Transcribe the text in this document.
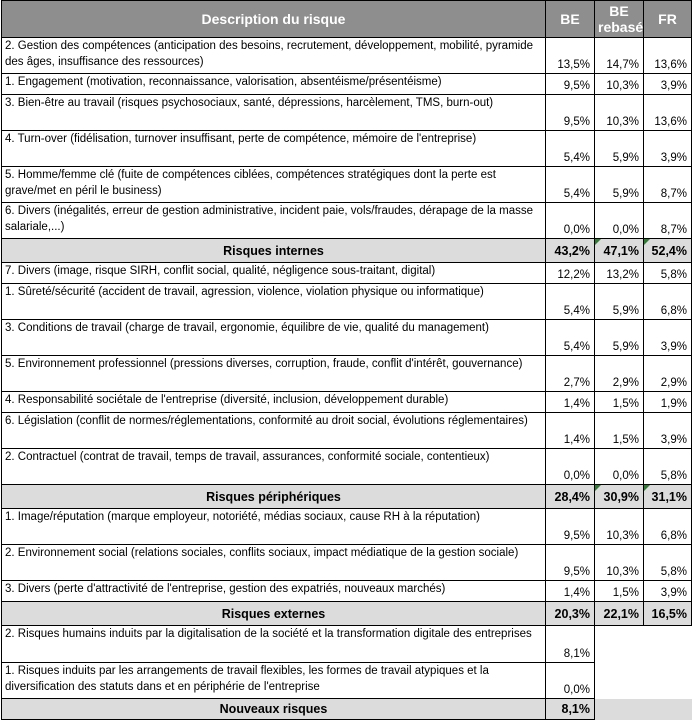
Description du risque	BE	BE rebasé	FR
2. Gestion des compétences (anticipation des besoins, recrutement, développement, mobilité, pyramide des âges, insuffisance des ressources)	13,5%	14,7%	13,6%
1. Engagement (motivation, reconnaissance, valorisation, absentéisme/présentéisme)	9,5%	10,3%	3,9%
3. Bien-être au travail (risques psychosociaux, santé, dépressions, harcèlement, TMS, burn-out)	9,5%	10,3%	13,6%
4. Turn-over (fidélisation, turnover insuffisant, perte de compétence, mémoire de l'entreprise)	5,4%	5,9%	3,9%
5. Homme/femme clé (fuite de compétences ciblées, compétences stratégiques dont la perte est grave/met en péril le business)	5,4%	5,9%	8,7%
6. Divers (inégalités, erreur de gestion administrative, incident paie, vols/fraudes, dérapage de la masse salariale,...)	0,0%	0,0%	8,7%
Risques internes	43,2%	47,1%	52,4%
7. Divers (image, risque SIRH, conflit social, qualité, négligence sous-traitant, digital)	12,2%	13,2%	5,8%
1. Sûreté/sécurité (accident de travail, agression, violence, violation physique ou informatique)	5,4%	5,9%	6,8%
3. Conditions de travail (charge de travail, ergonomie, équilibre de vie, qualité du management)	5,4%	5,9%	3,9%
5. Environnement professionnel (pressions diverses, corruption, fraude, conflit d'intérêt, gouvernance)	2,7%	2,9%	2,9%
4. Responsabilité sociétale de l'entreprise (diversité, inclusion, développement durable)	1,4%	1,5%	1,9%
6. Législation (conflit de normes/réglementations, conformité au droit social, évolutions réglementaires)	1,4%	1,5%	3,9%
2. Contractuel (contrat de travail, temps de travail, assurances, conformité sociale, contentieux)	0,0%	0,0%	5,8%
Risques périphériques	28,4%	30,9%	31,1%
1. Image/réputation (marque employeur, notoriété, médias sociaux, cause RH à la réputation)	9,5%	10,3%	6,8%
2. Environnement social (relations sociales, conflits sociaux, impact médiatique de la gestion sociale)	9,5%	10,3%	5,8%
3. Divers (perte d'attractivité de l'entreprise, gestion des expatriés, nouveaux marchés)	1,4%	1,5%	3,9%
Risques externes	20,3%	22,1%	16,5%
2. Risques humains induits par la digitalisation de la société et la transformation digitale des entreprises	8,1%		
1. Risques induits par les arrangements de travail flexibles, les formes de travail atypiques et la diversification des statuts dans et en périphérie de l'entreprise	0,0%		
Nouveaux risques	8,1%		
